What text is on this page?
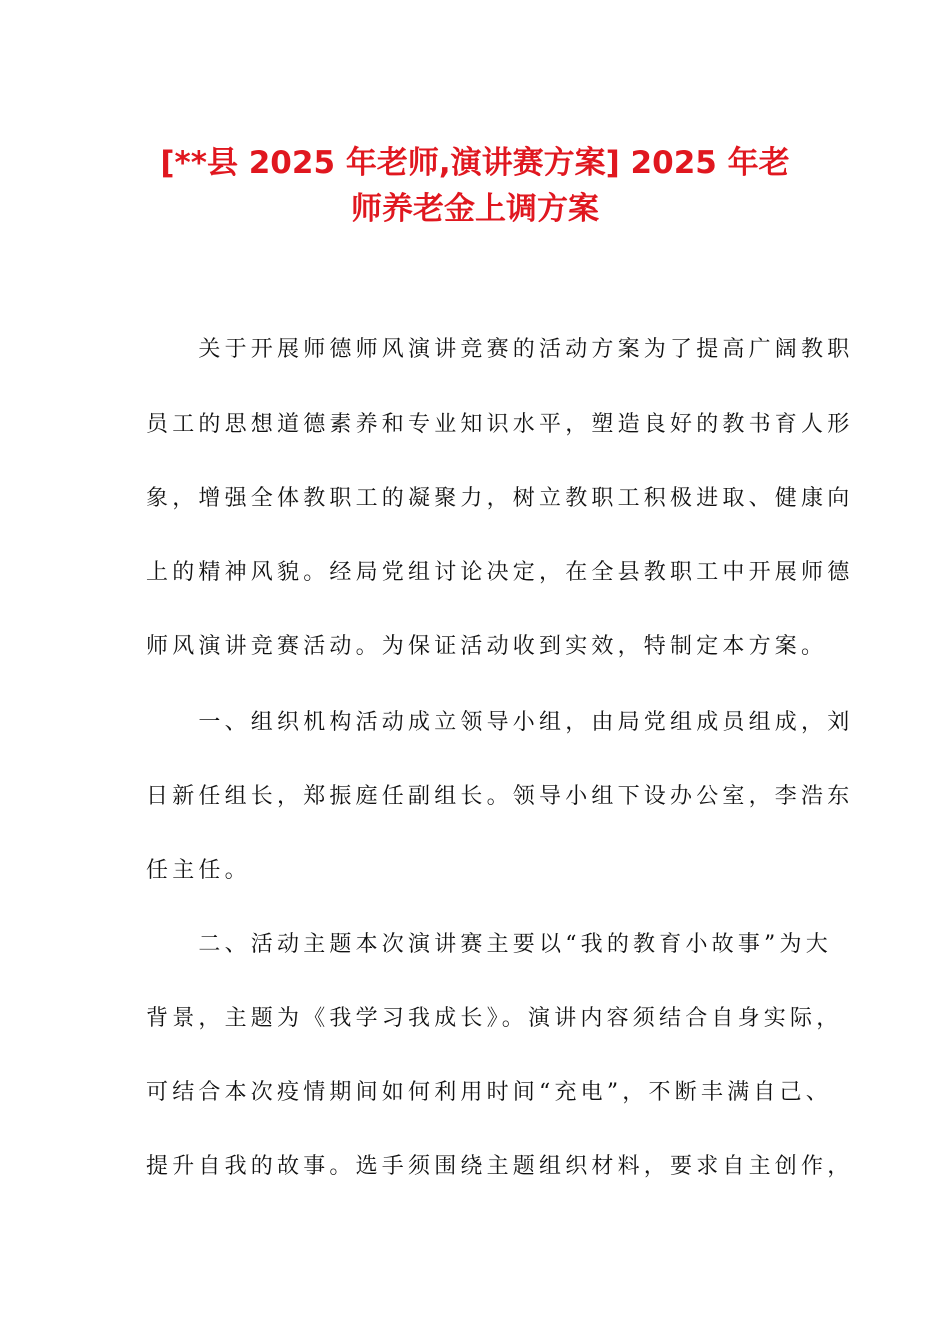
[**县 2025 年老师,演讲赛方案] 2025 年老
师养老金上调方案
　　关于开展师德师风演讲竞赛的活动方案为了提高广阔教职
员工的思想道德素养和专业知识水平，塑造良好的教书育人形
象，增强全体教职工的凝聚力，树立教职工积极进取、健康向
上的精神风貌。经局党组讨论决定，在全县教职工中开展师德
师风演讲竞赛活动。为保证活动收到实效，特制定本方案。
　　一、组织机构活动成立领导小组，由局党组成员组成，刘
日新任组长，郑振庭任副组长。领导小组下设办公室，李浩东
任主任。
　　二、活动主题本次演讲赛主要以“我的教育小故事”为大
背景，主题为《我学习我成长》。演讲内容须结合自身实际，
可结合本次疫情期间如何利用时间“充电”，不断丰满自己、
提升自我的故事。选手须围绕主题组织材料，要求自主创作，
